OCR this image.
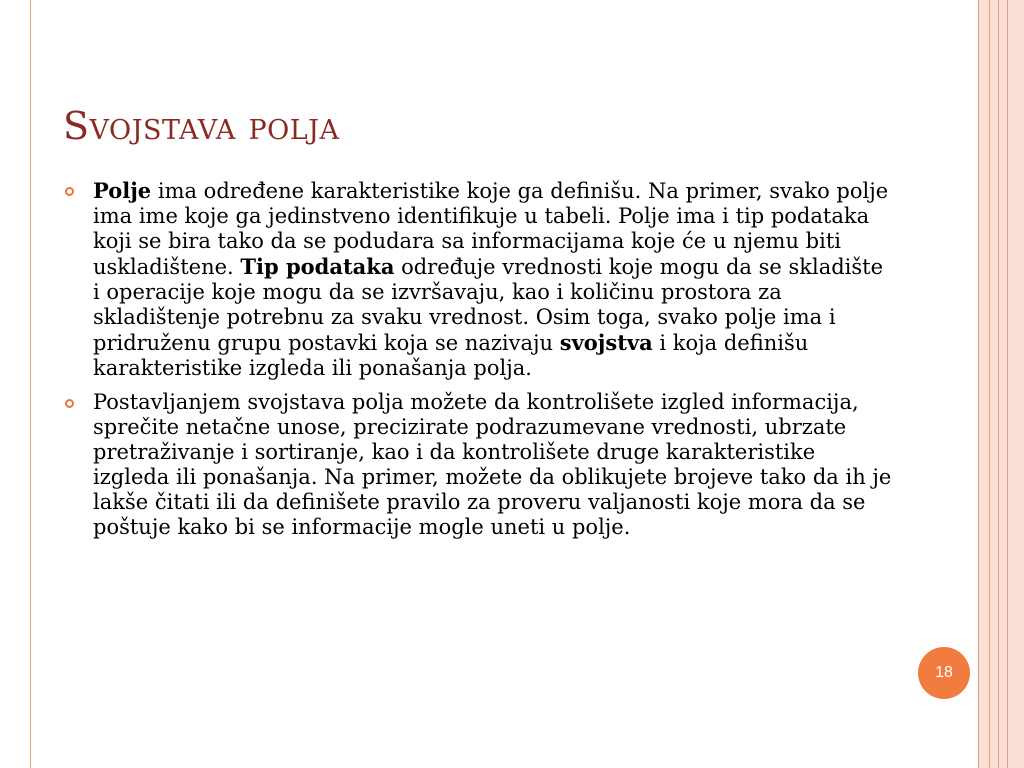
Svojstava polja
Polje ima određene karakteristike koje ga definišu. Na primer, svako polje ima ime koje ga jedinstveno identifikuje u tabeli. Polje ima i tip podataka koji se bira tako da se podudara sa informacijama koje će u njemu biti uskladištene. Tip podataka određuje vrednosti koje mogu da se skladište i operacije koje mogu da se izvršavaju, kao i količinu prostora za skladištenje potrebnu za svaku vrednost. Osim toga, svako polje ima i pridruženu grupu postavki koja se nazivaju svojstva i koja definišu karakteristike izgleda ili ponašanja polja.
Postavljanjem svojstava polja možete da kontrolišete izgled informacija, sprečite netačne unose, precizirate podrazumevane vrednosti, ubrzate pretraživanje i sortiranje, kao i da kontrolišete druge karakteristike izgleda ili ponašanja. Na primer, možete da oblikujete brojeve tako da ih je lakše čitati ili da definišete pravilo za proveru valjanosti koje mora da se poštuje kako bi se informacije mogle uneti u polje.
18
